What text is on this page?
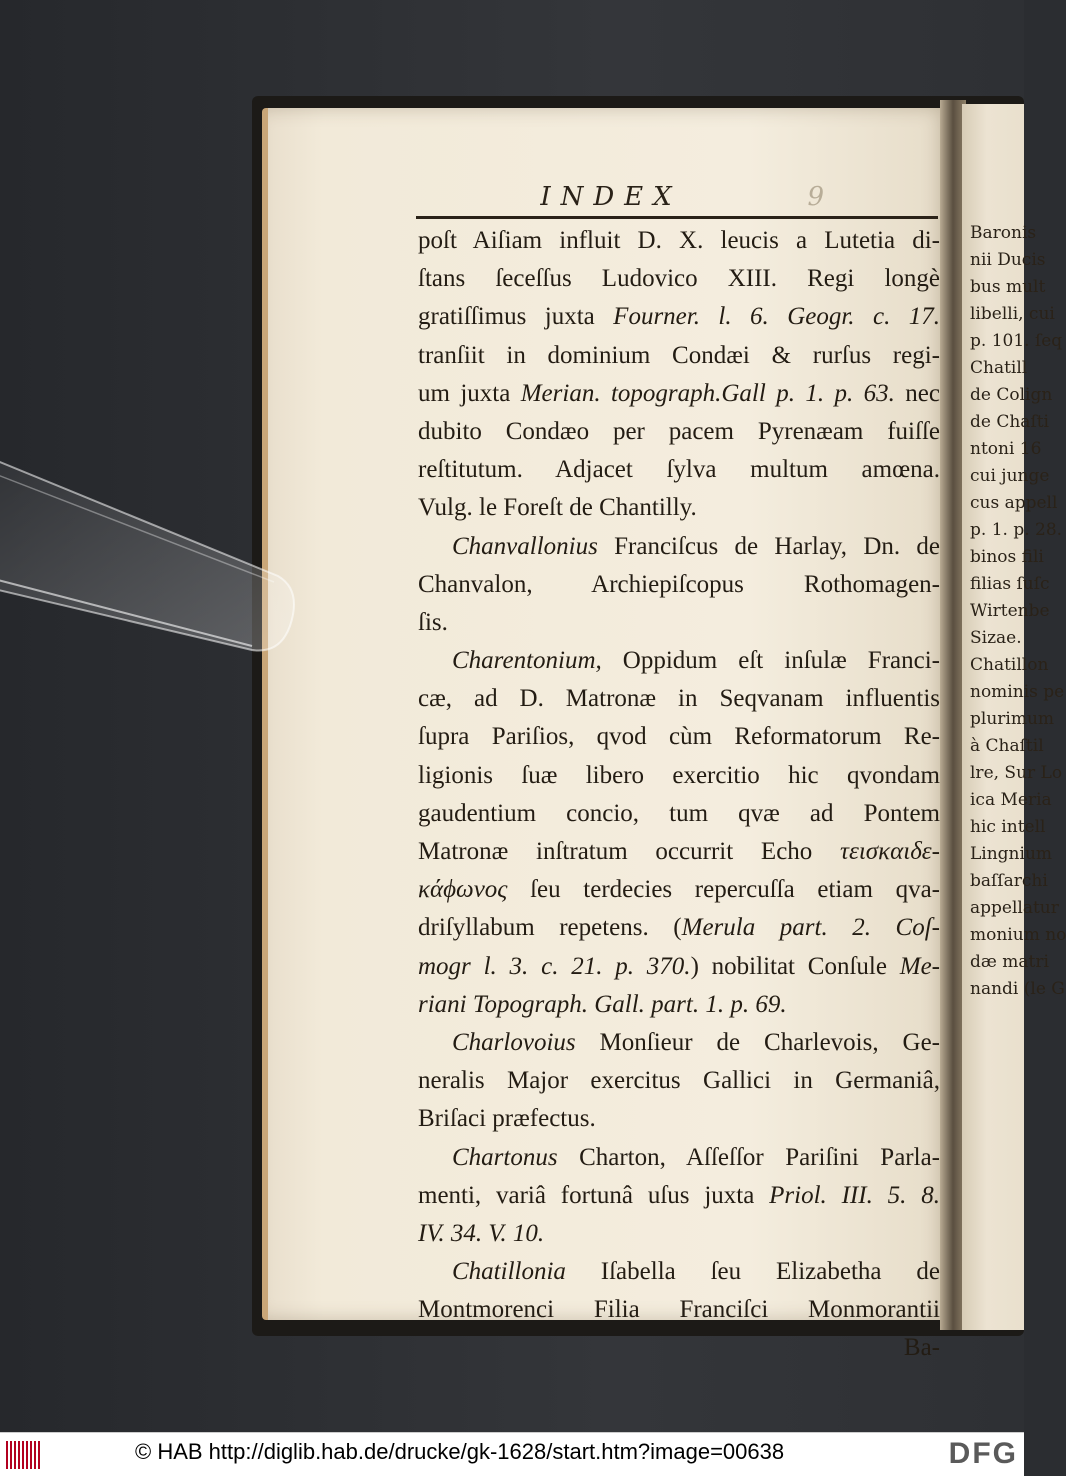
INDEX	9
poſt Aiſiam influit D. X. leucis a Lutetia di-
ſtans ſeceſſus Ludovico XIII. Regi longè
gratiſſimus juxta Fourner. l. 6. Geogr. c. 17.
tranſiit in dominium Condæi & rurſus regi-
um juxta Merian. topograph.Gall p. 1. p. 63. nec
dubito Condæo per pacem Pyrenæam fuiſſe
reſtitutum. Adjacet ſylva multum amœna.
Vulg. le Foreſt de Chantilly.
Chanvallonius Franciſcus de Harlay, Dn. de
Chanvalon, Archiepiſcopus Rothomagen-
ſis.
Charentonium, Oppidum eſt inſulæ Franci-
cæ, ad D. Matronæ in Seqvanam influentis
ſupra Pariſios, qvod cùm Reformatorum Re-
ligionis ſuæ libero exercitio hic qvondam
gaudentium concio, tum qvæ ad Pontem
Matronæ inſtratum occurrit Echo τεισκαιδε-
κάϕωνος ſeu terdecies repercuſſa etiam qva-
driſyllabum repetens. (Merula part. 2. Coſ-
mogr l. 3. c. 21. p. 370.) nobilitat Conſule Me-
riani Topograph. Gall. part. 1. p. 69.
Charlovoius Monſieur de Charlevois, Ge-
neralis Major exercitus Gallici in Germaniâ,
Briſaci præfectus.
Chartonus Charton, Aſſeſſor Pariſini Parla-
menti, variâ fortunâ uſus juxta Priol. III. 5. 8.
IV. 34. V. 10.
Chatillonia Iſabella ſeu Elizabetha de
Montmorenci Filia Franciſci Monmorantii
Ba-
Baronis
nii Ducis
bus mult
libelli, cui
p. 101. ſeq
Chatill
de Colign
de Chaſti
ntoni 16
cui junge
cus appell
p. 1. p. 28.
binos fili
filias ſuſc
Wirtenbe
Sizae.
Chatillon
nominis pe
plurimum
à Chaſtil
lre, Sur Lo
ica Meria
hic intell
Lingnium
baſſarchi
appellatur
monium no
dæ matri
nandi (le G
© HAB http://diglib.hab.de/drucke/gk-1628/start.htm?image=00638	DFG
